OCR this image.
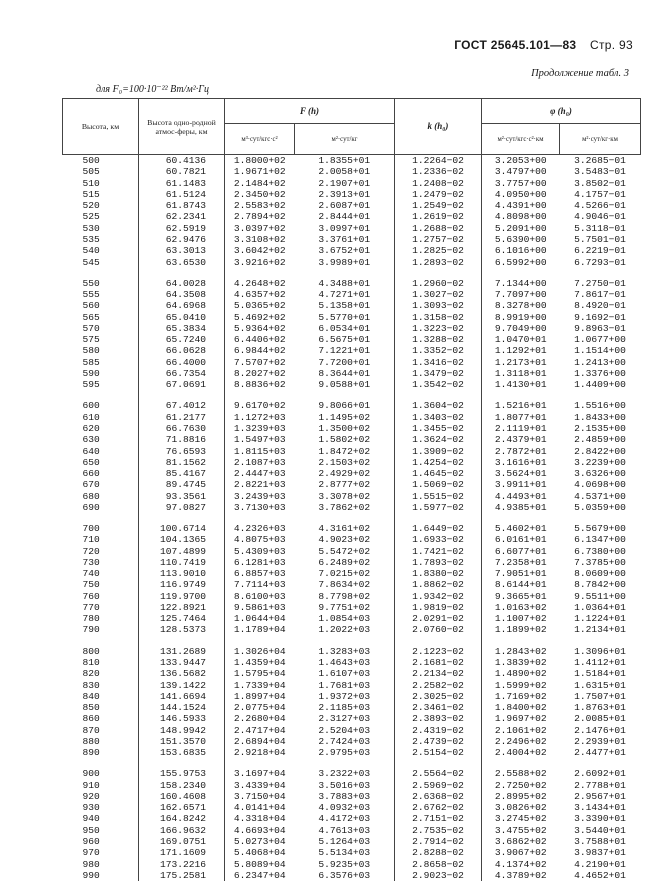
ГОСТ 25645.101—83 Стр. 93
Продолжение табл. 3
для F₀=100·10⁻²² Вт/м²·Гц
Высота, км	Высота одно-родной атмос-феры, км	F (h)		k (h₀)	φ (h₀)	
		м³·сут/кгс·с²	м²·сут/кг		м²·сут/кгс·с²·км	м²·сут/кг·км
500	60.4136	1.8000+02	1.8355+01	1.2264−02	3.2053+00	3.2685−01
505	60.7821	1.9671+02	2.0058+01	1.2336−02	3.4797+00	3.5483−01
510	61.1483	2.1484+02	2.1907+01	1.2408−02	3.7757+00	3.8502−01
515	61.5124	2.3450+02	2.3913+01	1.2479−02	4.0950+00	4.1757−01
520	61.8743	2.5583+02	2.6087+01	1.2549−02	4.4391+00	4.5266−01
525	62.2341	2.7894+02	2.8444+01	1.2619−02	4.8098+00	4.9046−01
530	62.5919	3.0397+02	3.0997+01	1.2688−02	5.2091+00	5.3118−01
535	62.9476	3.3108+02	3.3761+01	1.2757−02	5.6390+00	5.7501−01
540	63.3013	3.6042+02	3.6752+01	1.2825−02	6.1016+00	6.2219−01
545	63.6530	3.9216+02	3.9989+01	1.2893−02	6.5992+00	6.7293−01

550	64.0028	4.2648+02	4.3488+01	1.2960−02	7.1344+00	7.2750−01
555	64.3508	4.6357+02	4.7271+01	1.3027−02	7.7097+00	7.8617−01
560	64.6968	5.0365+02	5.1358+01	1.3093−02	8.3278+00	8.4920−01
565	65.0410	5.4692+02	5.5770+01	1.3158−02	8.9919+00	9.1692−01
570	65.3834	5.9364+02	6.0534+01	1.3223−02	9.7049+00	9.8963−01
575	65.7240	6.4406+02	6.5675+01	1.3288−02	1.0470+01	1.0677+00
580	66.0628	6.9844+02	7.1221+01	1.3352−02	1.1292+01	1.1514+00
585	66.4000	7.5707+02	7.7200+01	1.3416−02	1.2173+01	1.2413+00
590	66.7354	8.2027+02	8.3644+01	1.3479−02	1.3118+01	1.3376+00
595	67.0691	8.8836+02	9.0588+01	1.3542−02	1.4130+01	1.4409+00

600	67.4012	9.6170+02	9.8066+01	1.3604−02	1.5216+01	1.5516+00
610	61.2177	1.1272+03	1.1495+02	1.3403−02	1.8077+01	1.8433+00
620	66.7630	1.3239+03	1.3500+02	1.3455−02	2.1119+01	2.1535+00
630	71.8816	1.5497+03	1.5802+02	1.3624−02	2.4379+01	2.4859+00
640	76.6593	1.8115+03	1.8472+02	1.3909−02	2.7872+01	2.8422+00
650	81.1562	2.1087+03	2.1503+02	1.4254−02	3.1616+01	3.2239+00
660	85.4167	2.4447+03	2.4929+02	1.4645−02	3.5624+01	3.6326+00
670	89.4745	2.8221+03	2.8777+02	1.5069−02	3.9911+01	4.0698+00
680	93.3561	3.2439+03	3.3078+02	1.5515−02	4.4493+01	4.5371+00
690	97.0827	3.7130+03	3.7862+02	1.5977−02	4.9385+01	5.0359+00

700	100.6714	4.2326+03	4.3161+02	1.6449−02	5.4602+01	5.5679+00
710	104.1365	4.8075+03	4.9023+02	1.6933−02	6.0161+01	6.1347+00
720	107.4899	5.4309+03	5.5472+02	1.7421−02	6.6077+01	6.7380+00
730	110.7419	6.1281+03	6.2489+02	1.7893−02	7.2358+01	7.3785+00
740	113.9010	6.8857+03	7.0215+02	1.8380−02	7.9051+01	8.0609+00
750	116.9749	7.7114+03	7.8634+02	1.8862−02	8.6144+01	8.7842+00
760	119.9700	8.6100+03	8.7798+02	1.9342−02	9.3665+01	9.5511+00
770	122.8921	9.5861+03	9.7751+02	1.9819−02	1.0163+02	1.0364+01
780	125.7464	1.0644+04	1.0854+03	2.0291−02	1.1007+02	1.1224+01
790	128.5373	1.1789+04	1.2022+03	2.0760−02	1.1899+02	1.2134+01

800	131.2689	1.3026+04	1.3283+03	2.1223−02	1.2843+02	1.3096+01
810	133.9447	1.4359+04	1.4643+03	2.1681−02	1.3839+02	1.4112+01
820	136.5682	1.5795+04	1.6107+03	2.2134−02	1.4890+02	1.5184+01
830	139.1422	1.7339+04	1.7681+03	2.2582−02	1.5999+02	1.6315+01
840	141.6694	1.8997+04	1.9372+03	2.3025−02	1.7169+02	1.7507+01
850	144.1524	2.0775+04	2.1185+03	2.3461−02	1.8400+02	1.8763+01
860	146.5933	2.2680+04	2.3127+03	2.3893−02	1.9697+02	2.0085+01
870	148.9942	2.4717+04	2.5204+03	2.4319−02	2.1061+02	2.1476+01
880	151.3570	2.6894+04	2.7424+03	2.4739−02	2.2496+02	2.2939+01
890	153.6835	2.9218+04	2.9795+03	2.5154−02	2.4004+02	2.4477+01

900	155.9753	3.1697+04	3.2322+03	2.5564−02	2.5588+02	2.6092+01
910	158.2340	3.4339+04	3.5016+03	2.5969−02	2.7250+02	2.7788+01
920	160.4608	3.7150+04	3.7883+03	2.6368−02	2.8995+02	2.9567+01
930	162.6571	4.0141+04	4.0932+03	2.6762−02	3.0826+02	3.1434+01
940	164.8242	4.3318+04	4.4172+03	2.7151−02	3.2745+02	3.3390+01
950	166.9632	4.6693+04	4.7613+03	2.7535−02	3.4755+02	3.5440+01
960	169.0751	5.0273+04	5.1264+03	2.7914−02	3.6862+02	3.7588+01
970	171.1609	5.4068+04	5.5134+03	2.8288−02	3.9067+02	3.9837+01
980	173.2216	5.8089+04	5.9235+03	2.8658−02	4.1374+02	4.2190+01
990	175.2581	6.2347+04	6.3576+03	2.9023−02	4.3789+02	4.4652+01
